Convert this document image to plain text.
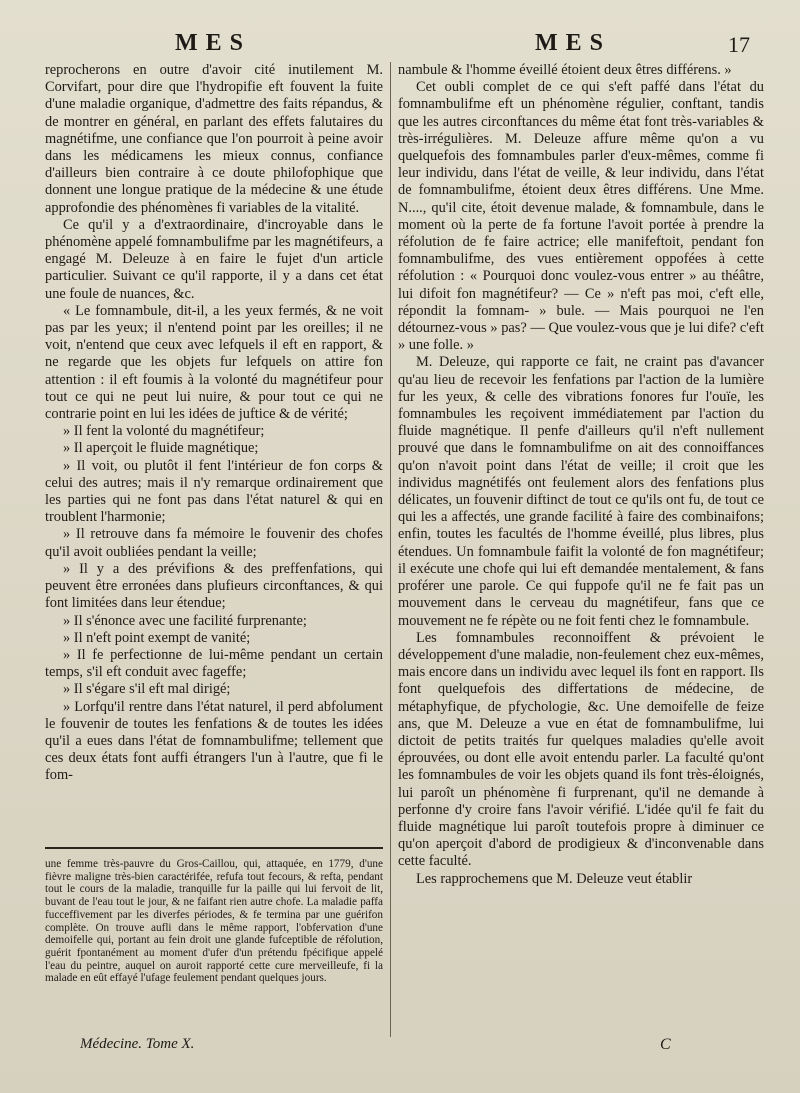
MES	MES	17

reprocherons en outre d'avoir cité inutilement M. Corvifart, pour dire que l'hydropifie eft fouvent la fuite d'une maladie organique, d'admettre des faits répandus, & de montrer en général, en parlant des effets falutaires du magnétifme, une confiance que l'on pourroit à peine avoir dans les médicamens les mieux connus, confiance d'ailleurs bien contraire à ce doute philofophique que donnent une longue pratique de la médecine & une étude approfondie des phénomènes fi variables de la vitalité.

Ce qu'il y a d'extraordinaire, d'incroyable dans le phénomène appelé fomnambulifme par les magnétifeurs, a engagé M. Deleuze à en faire le fujet d'un article particulier. Suivant ce qu'il rapporte, il y a dans cet état une foule de nuances, &c.

« Le fomnambule, dit-il, a les yeux fermés, & ne voit pas par les yeux; il n'entend point par les oreilles; il ne voit, n'entend que ceux avec lefquels il eft en rapport, & ne regarde que les objets fur lefquels on attire fon attention : il eft foumis à la volonté du magnétifeur pour tout ce qui ne peut lui nuire, & pour tout ce qui ne contrarie point en lui les idées de juftice & de vérité;

» Il fent la volonté du magnétifeur;

» Il aperçoit le fluide magnétique;

» Il voit, ou plutôt il fent l'intérieur de fon corps & celui des autres; mais il n'y remarque ordinairement que les parties qui ne font pas dans l'état naturel & qui en troublent l'harmonie;

» Il retrouve dans fa mémoire le fouvenir des chofes qu'il avoit oubliées pendant la veille;

» Il y a des prévifions & des preffenfations, qui peuvent être erronées dans plufieurs circonftances, & qui font limitées dans leur étendue;

» Il s'énonce avec une facilité furprenante;

» Il n'eft point exempt de vanité;

» Il fe perfectionne de lui-même pendant un certain temps, s'il eft conduit avec fageffe;

» Il s'égare s'il eft mal dirigé;

» Lorfqu'il rentre dans l'état naturel, il perd abfolument le fouvenir de toutes les fenfations & de toutes les idées qu'il a eues dans l'état de fomnambulifme; tellement que ces deux états font auffi étrangers l'un à l'autre, que fi le fom-

nambule & l'homme éveillé étoient deux êtres différens. »

Cet oubli complet de ce qui s'eft paffé dans l'état du fomnambulifme eft un phénomène régulier, conftant, tandis que les autres circonftances du même état font très-variables & très-irrégulières. M. Deleuze affure même qu'on a vu quelquefois des fomnambules parler d'eux-mêmes, comme fi leur individu, dans l'état de veille, & leur individu, dans l'état de fomnambulifme, étoient deux êtres différens. Une Mme. N...., qu'il cite, étoit devenue malade, & fomnambule, dans le moment où la perte de fa fortune l'avoit portée à prendre la réfolution de fe faire actrice; elle manifeftoit, pendant fon fomnambulifme, des vues entièrement oppofées à cette réfolution : « Pourquoi donc voulez-vous entrer » au théâtre, lui difoit fon magnétifeur? — Ce » n'eft pas moi, c'eft elle, répondit la fomnam- » bule. — Mais pourquoi ne l'en détournez-vous » pas? — Que voulez-vous que je lui dife? c'eft » une folle. »

M. Deleuze, qui rapporte ce fait, ne craint pas d'avancer qu'au lieu de recevoir les fenfations par l'action de la lumière fur les yeux, & celle des vibrations fonores fur l'ouïe, les fomnambules les reçoivent immédiatement par l'action du fluide magnétique. Il penfe d'ailleurs qu'il n'eft nullement prouvé que dans le fomnambulifme on ait des connoiffances qu'on n'avoit point dans l'état de veille; il croit que les individus magnétifés ont feulement alors des fenfations plus délicates, un fouvenir diftinct de tout ce qu'ils ont fu, de tout ce qui les a affectés, une grande facilité à faire des combinaifons; enfin, toutes les facultés de l'homme éveillé, plus libres, plus étendues. Un fomnambule faifit la volonté de fon magnétifeur; il exécute une chofe qui lui eft demandée mentalement, & fans proférer une parole. Ce qui fuppofe qu'il ne fe fait pas un mouvement dans le cerveau du magnétifeur, fans que ce mouvement ne fe répète ou ne foit fenti chez le fomnambule.

Les fomnambules reconnoiffent & prévoient le développement d'une maladie, non-feulement chez eux-mêmes, mais encore dans un individu avec lequel ils font en rapport. Ils font quelquefois des differtations de médecine, de métaphyfique, de pfychologie, &c. Une demoifelle de feize ans, que M. Deleuze a vue en état de fomnambulifme, lui dictoit de petits traités fur quelques maladies qu'elle avoit éprouvées, ou dont elle avoit entendu parler. La faculté qu'ont les fomnambules de voir les objets quand ils font très-éloignés, lui paroît un phénomène fi furprenant, qu'il ne demande à perfonne d'y croire fans l'avoir vérifié. L'idée qu'il fe fait du fluide magnétique lui paroît toutefois propre à diminuer ce qu'on aperçoit d'abord de prodigieux & d'inconvenable dans cette faculté.

Les rapprochemens que M. Deleuze veut établir

une femme très-pauvre du Gros-Caillou, qui, attaquée, en 1779, d'une fièvre maligne très-bien caractérifée, refufa tout fecours, & refta, pendant tout le cours de la maladie, tranquille fur la paille qui lui fervoit de lit, buvant de l'eau tout le jour, & ne faifant rien autre chofe. La maladie paffa fucceffivement par les diverfes périodes, & fe termina par une guérifon complète. On trouve aufli dans le même rapport, l'obfervation d'une demoifelle qui, portant au fein droit une glande fufceptible de réfolution, guérit fpontanément au moment d'ufer d'un prétendu fpécifique appelé l'eau du peintre, auquel on auroit rapporté cette cure merveilleufe, fi la malade en eût effayé l'ufage feulement pendant quelques jours.
Médecine. Tome X.	C
